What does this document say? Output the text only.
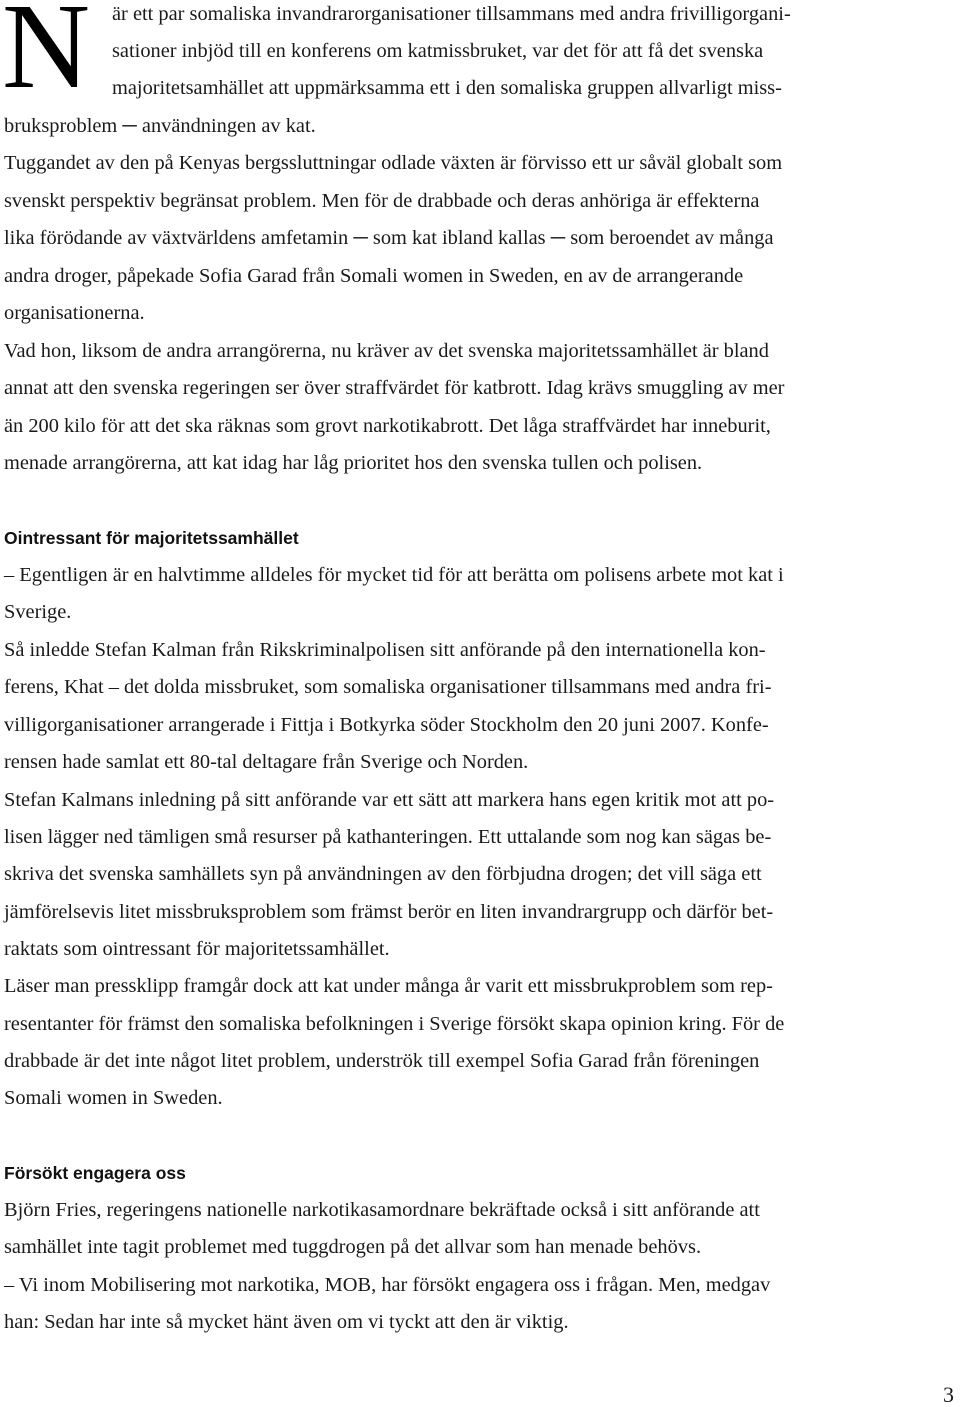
N är ett par somaliska invandrarorganisationer tillsammans med andra frivilligorgani-
sationer inbjöd till en konferens om katmissbruket, var det för att få det svenska
majoritetsamhället att uppmärksamma ett i den somaliska gruppen allvarligt miss-
bruksproblem ─ användningen av kat.
Tuggandet av den på Kenyas bergssluttningar odlade växten är förvisso ett ur såväl globalt som
svenskt perspektiv begränsat problem. Men för de drabbade och deras anhöriga är effekterna
lika förödande av växtvärldens amfetamin ─ som kat ibland kallas ─ som beroendet av många
andra droger, påpekade Sofia Garad från Somali women in Sweden, en av de arrangerande
organisationerna.
Vad hon, liksom de andra arrangörerna, nu kräver av det svenska majoritetssamhället är bland
annat att den svenska regeringen ser över straffvärdet för katbrott. Idag krävs smuggling av mer
än 200 kilo för att det ska räknas som grovt narkotikabrott. Det låga straffvärdet har inneburit,
menade arrangörerna, att kat idag har låg prioritet hos den svenska tullen och polisen.
Ointressant för majoritetssamhället
– Egentligen är en halvtimme alldeles för mycket tid för att berätta om polisens arbete mot kat i
Sverige.
Så inledde Stefan Kalman från Rikskriminalpolisen sitt anförande på den internationella kon-
ferens, Khat – det dolda missbruket, som somaliska organisationer tillsammans med andra fri-
villigorganisationer arrangerade i Fittja i Botkyrka söder Stockholm den 20 juni 2007. Konfe-
rensen hade samlat ett 80-tal deltagare från Sverige och Norden.
Stefan Kalmans inledning på sitt anförande var ett sätt att markera hans egen kritik mot att po-
lisen lägger ned tämligen små resurser på kathanteringen. Ett uttalande som nog kan sägas be-
skriva det svenska samhällets syn på användningen av den förbjudna drogen; det vill säga ett
jämförelsevis litet missbruksproblem som främst berör en liten invandrargrupp och därför bet-
raktats som ointressant för majoritetssamhället.
Läser man pressklipp framgår dock att kat under många år varit ett missbrukproblem som rep-
resentanter för främst den somaliska befolkningen i Sverige försökt skapa opinion kring. För de
drabbade är det inte något litet problem, underströk till exempel Sofia Garad från föreningen
Somali women in Sweden.
Försökt engagera oss
Björn Fries, regeringens nationelle narkotikasamordnare bekräftade också i sitt anförande att
samhället inte tagit problemet med tuggdrogen på det allvar som han menade behövs.
– Vi inom Mobilisering mot narkotika, MOB, har försökt engagera oss i frågan. Men, medgav
han: Sedan har inte så mycket hänt även om vi tyckt att den är viktig.
3
